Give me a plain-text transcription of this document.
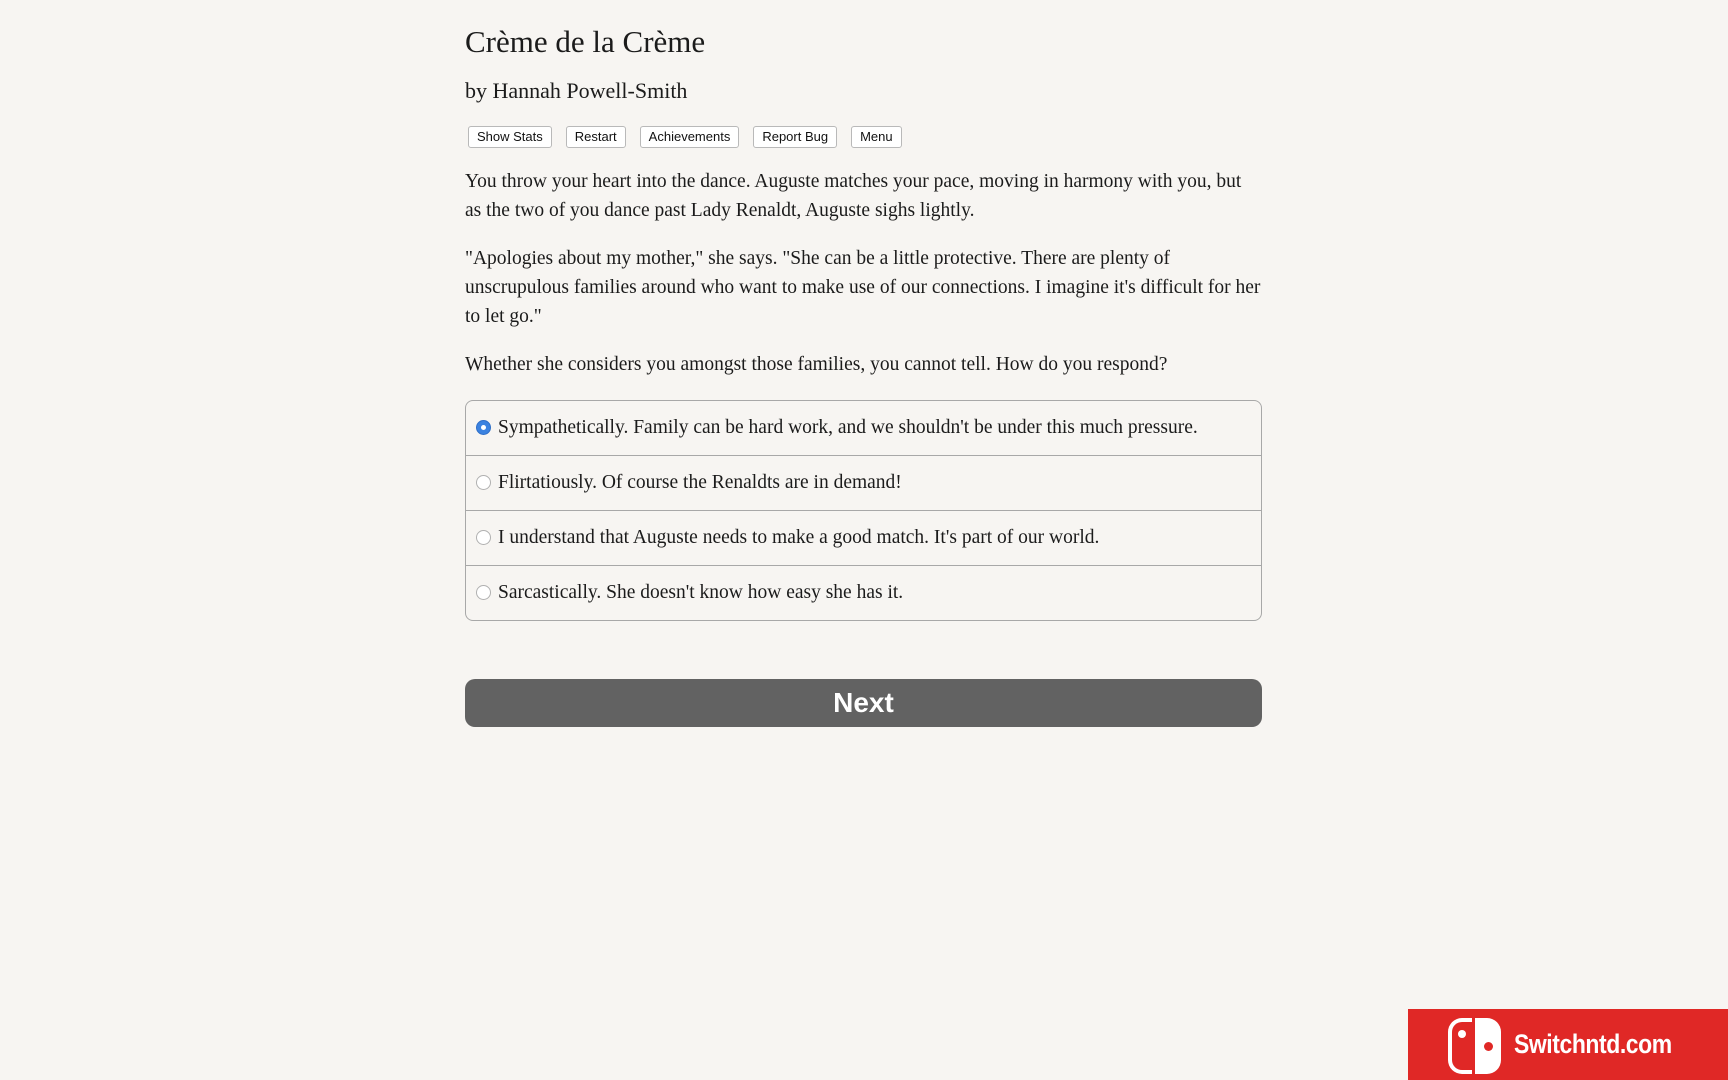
Crème de la Crème
by Hannah Powell-Smith
Show Stats	Restart	Achievements	Report Bug	Menu

You throw your heart into the dance. Auguste matches your pace, moving in harmony with you, but as the two of you dance past Lady Renaldt, Auguste sighs lightly.

"Apologies about my mother," she says. "She can be a little protective. There are plenty of unscrupulous families around who want to make use of our connections. I imagine it's difficult for her to let go."

Whether she considers you amongst those families, you cannot tell. How do you respond?

Sympathetically. Family can be hard work, and we shouldn't be under this much pressure.
Flirtatiously. Of course the Renaldts are in demand!
I understand that Auguste needs to make a good match. It's part of our world.
Sarcastically. She doesn't know how easy she has it.
Next
Switchntd.com
